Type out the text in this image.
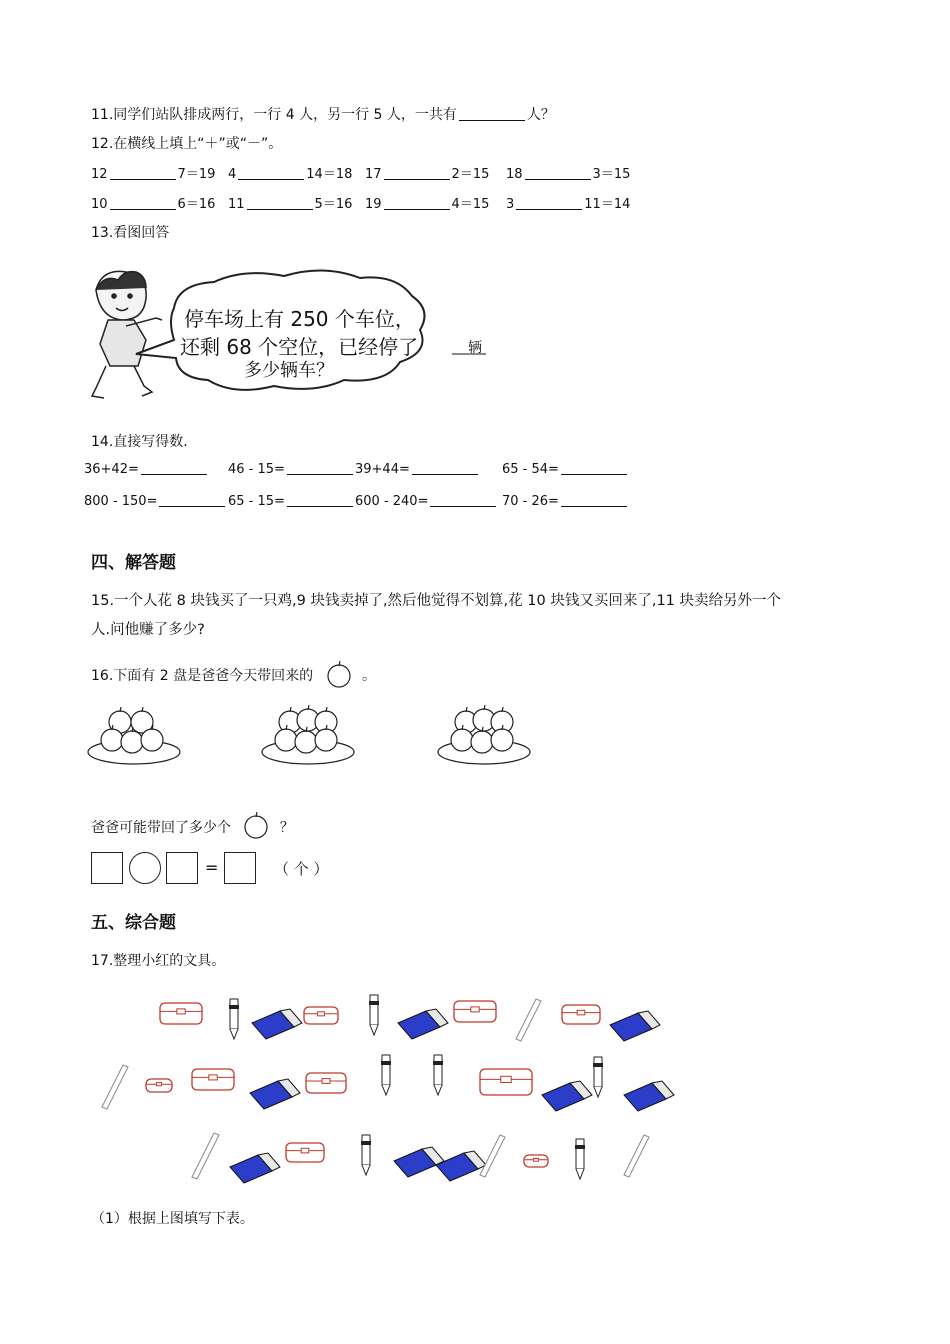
11.同学们站队排成两行，一行 4 人，另一行 5 人，一共有	人？
12.在横线上填上“＋”或“－”。
12	7＝19 4	14＝18 17	2＝15 18	3＝15
10	6＝16 11	5＝16 19	4＝15 3	11＝14
13.看图回答
停车场上有 250 个车位，
还剩 68 个空位，已经停了
多少辆车？
辆
14.直接写得数.
36+42=	46 - 15=	39+44=	65 - 54=
800 - 150=	65 - 15=	600 - 240=	70 - 26=
四、解答题
15.一个人花 8 块钱买了一只鸡,9 块钱卖掉了,然后他觉得不划算,花 10 块钱又买回来了,11 块卖给另外一个
人.问他赚了多少?
16.下面有 2 盘是爸爸今天带回来的	。
爸爸可能带回了多少个	？
=	（ 个 ）
五、综合题
17.整理小红的文具。
（1）根据上图填写下表。
